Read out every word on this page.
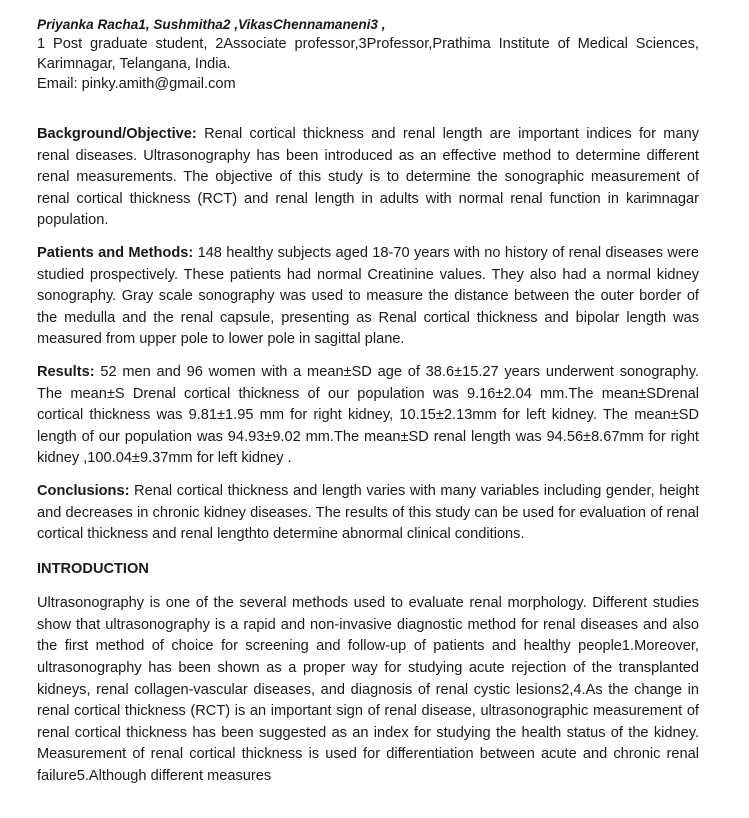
Priyanka Racha1, Sushmitha2 ,VikasChennamaneni3 ,

1 Post graduate student, 2Associate professor,3Professor,Prathima Institute of Medical Sciences, Karimnagar, Telangana, India.

Email: pinky.amith@gmail.com

Background/Objective: Renal cortical thickness and renal length are important indices for many renal diseases. Ultrasonography has been introduced as an effective method to determine different renal measurements. The objective of this study is to determine the sonographic measurement of renal cortical thickness (RCT) and renal length in adults with normal renal function in karimnagar population.

Patients and Methods: 148 healthy subjects aged 18-70 years with no history of renal diseases were studied prospectively. These patients had normal Creatinine values. They also had a normal kidney sonography. Gray scale sonography was used to measure the distance between the outer border of the medulla and the renal capsule, presenting as Renal cortical thickness and bipolar length was measured from upper pole to lower pole in sagittal plane.

Results: 52 men and 96 women with a mean±SD age of 38.6±15.27 years underwent sonography. The mean±S Drenal cortical thickness of our population was 9.16±2.04 mm.The mean±SDrenal cortical thickness was 9.81±1.95 mm for right kidney, 10.15±2.13mm for left kidney. The mean±SD length of our population was 94.93±9.02 mm.The mean±SD renal length was 94.56±8.67mm for right kidney ,100.04±9.37mm for left kidney .

Conclusions: Renal cortical thickness and length varies with many variables including gender, height and decreases in chronic kidney diseases. The results of this study can be used for evaluation of renal cortical thickness and renal lengthto determine abnormal clinical conditions.

INTRODUCTION

Ultrasonography is one of the several methods used to evaluate renal morphology. Different studies show that ultrasonography is a rapid and non-invasive diagnostic method for renal diseases and also the first method of choice for screening and follow-up of patients and healthy people1.Moreover, ultrasonography has been shown as a proper way for studying acute rejection of the transplanted kidneys, renal collagen-vascular diseases, and diagnosis of renal cystic lesions2,4.As the change in renal cortical thickness (RCT) is an important sign of renal disease, ultrasonographic measurement of renal cortical thickness has been suggested as an index for studying the health status of the kidney. Measurement of renal cortical thickness is used for differentiation between acute and chronic renal failure5.Although different measures
